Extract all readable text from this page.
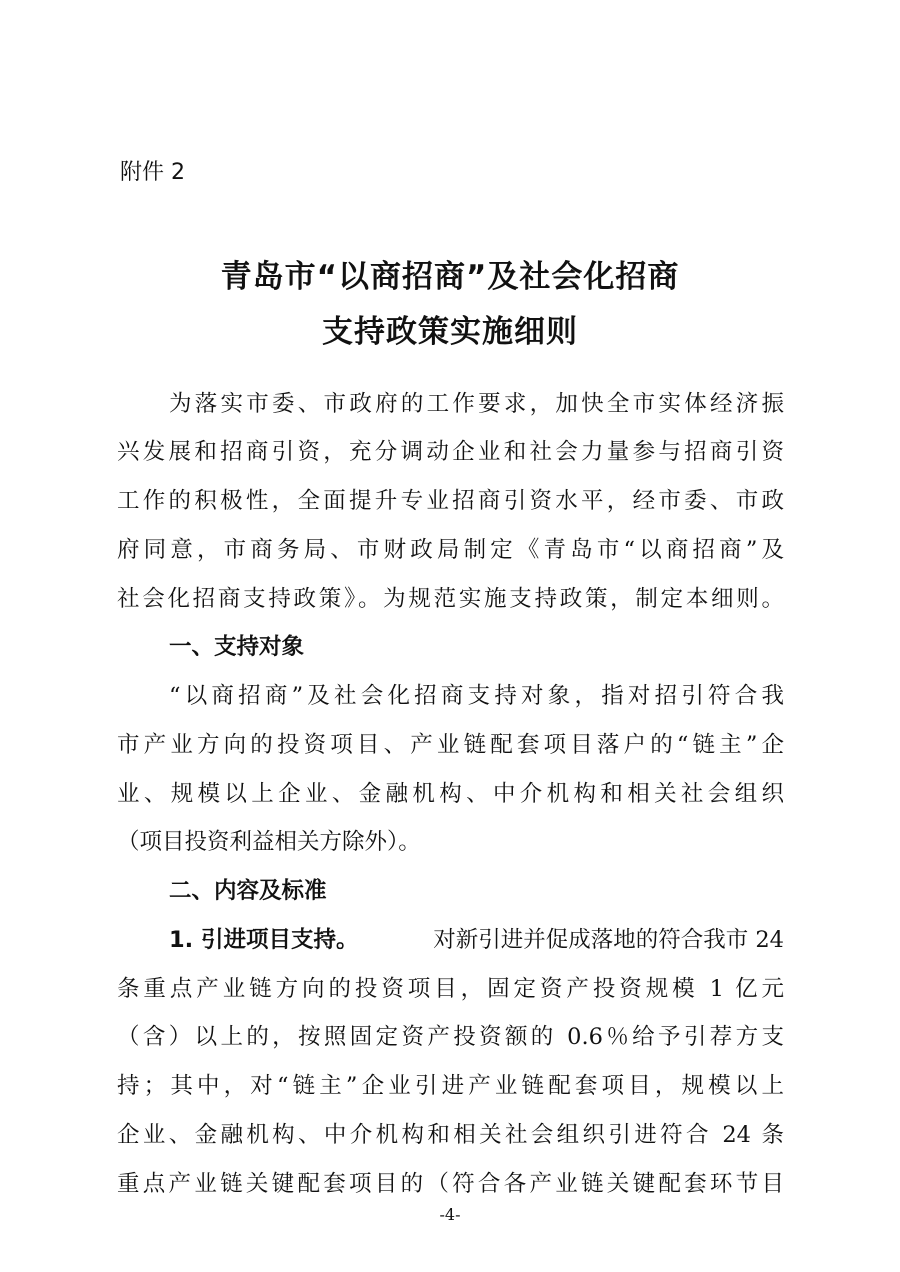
附件 2
青岛市“以商招商”及社会化招商
支持政策实施细则
为落实市委、市政府的工作要求，加快全市实体经济振
兴发展和招商引资，充分调动企业和社会力量参与招商引资
工作的积极性，全面提升专业招商引资水平，经市委、市政
府同意，市商务局、市财政局制定《青岛市“以商招商”及
社会化招商支持政策》。为规范实施支持政策，制定本细则。
一、支持对象
“以商招商”及社会化招商支持对象，指对招引符合我
市产业方向的投资项目、产业链配套项目落户的“链主”企
业、规模以上企业、金融机构、中介机构和相关社会组织
（项目投资利益相关方除外）。
二、内容及标准
1. 引进项目支持。	对新引进并促成落地的符合我市 24
条重点产业链方向的投资项目，固定资产投资规模 1 亿元
（含）以上的，按照固定资产投资额的 0.6％给予引荐方支
持；其中，对“链主”企业引进产业链配套项目，规模以上
企业、金融机构、中介机构和相关社会组织引进符合 24 条
重点产业链关键配套项目的（符合各产业链关键配套环节目
-4-
